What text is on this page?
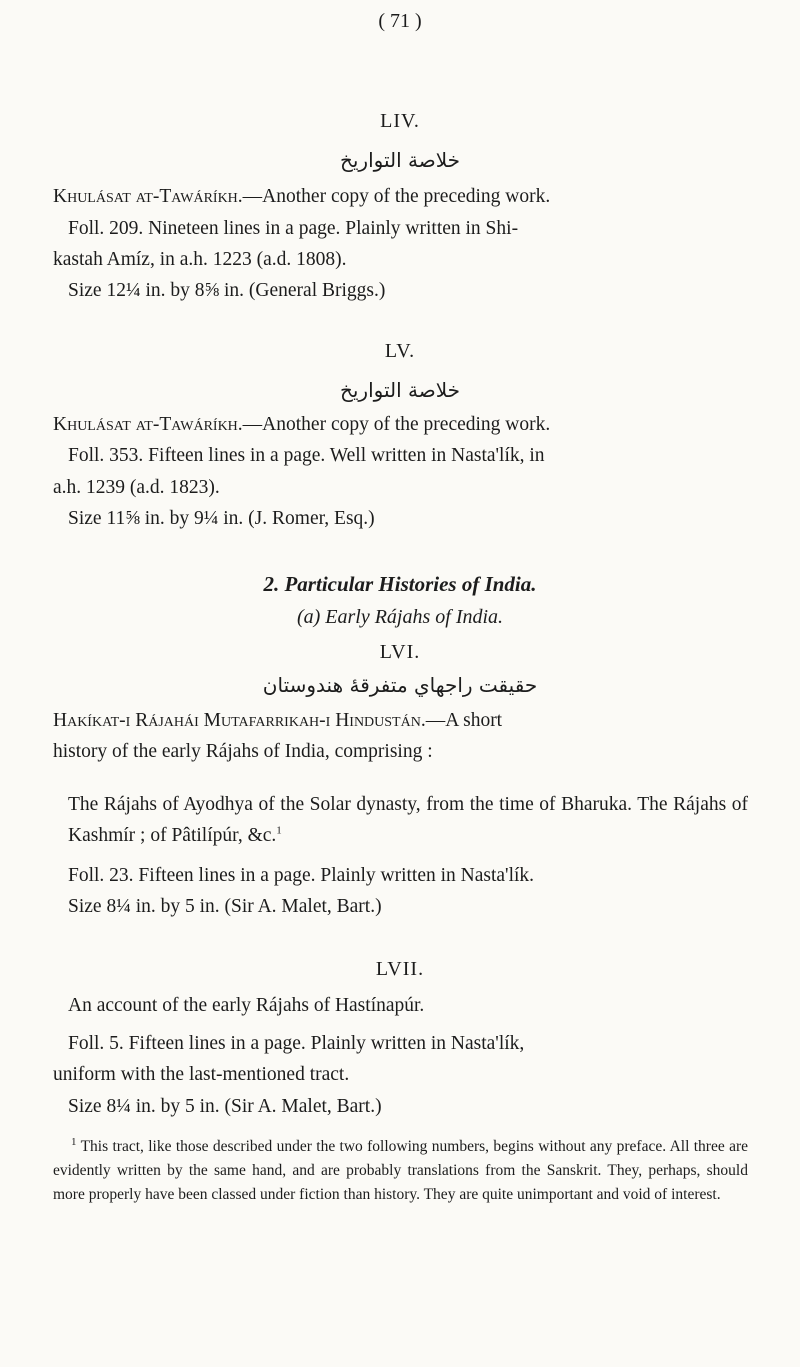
( 71 )
LIV.
خلاصة التواريخ
Khulásat at-Tawáríkh.—Another copy of the preceding work.
Foll. 209. Nineteen lines in a page. Plainly written in Shi-
kastah Amíz, in a.h. 1223 (a.d. 1808).
Size 12¼ in. by 8⅝ in. (General Briggs.)
LV.
خلاصة التواريخ
Khulásat at-Tawáríkh.—Another copy of the preceding work.
Foll. 353. Fifteen lines in a page. Well written in Nasta'lík, in
a.h. 1239 (a.d. 1823).
Size 11⅝ in. by 9¼ in. (J. Romer, Esq.)
2. Particular Histories of India.
(a) Early Rájahs of India.
LVI.
حقيقت راجهاي متفرقهٔ هندوستان
Hakíkat-i Rájahái Mutafarrikah-i Hindustán.—A short
history of the early Rájahs of India, comprising :
The Rájahs of Ayodhya of the Solar dynasty, from the time of Bharuka. The Rájahs of Kashmír ; of Pâtilípúr, &c.$^1$
Foll. 23. Fifteen lines in a page. Plainly written in Nasta'lík.
Size 8¼ in. by 5 in. (Sir A. Malet, Bart.)
LVII.
An account of the early Rájahs of Hastínapúr.
Foll. 5. Fifteen lines in a page. Plainly written in Nasta'lík,
uniform with the last-mentioned tract.
Size 8¼ in. by 5 in. (Sir A. Malet, Bart.)
$^1$ This tract, like those described under the two following numbers, begins without any preface. All three are evidently written by the same hand, and are probably translations from the Sanskrit. They, perhaps, should more properly have been classed under fiction than history. They are quite unimportant and void of interest.
